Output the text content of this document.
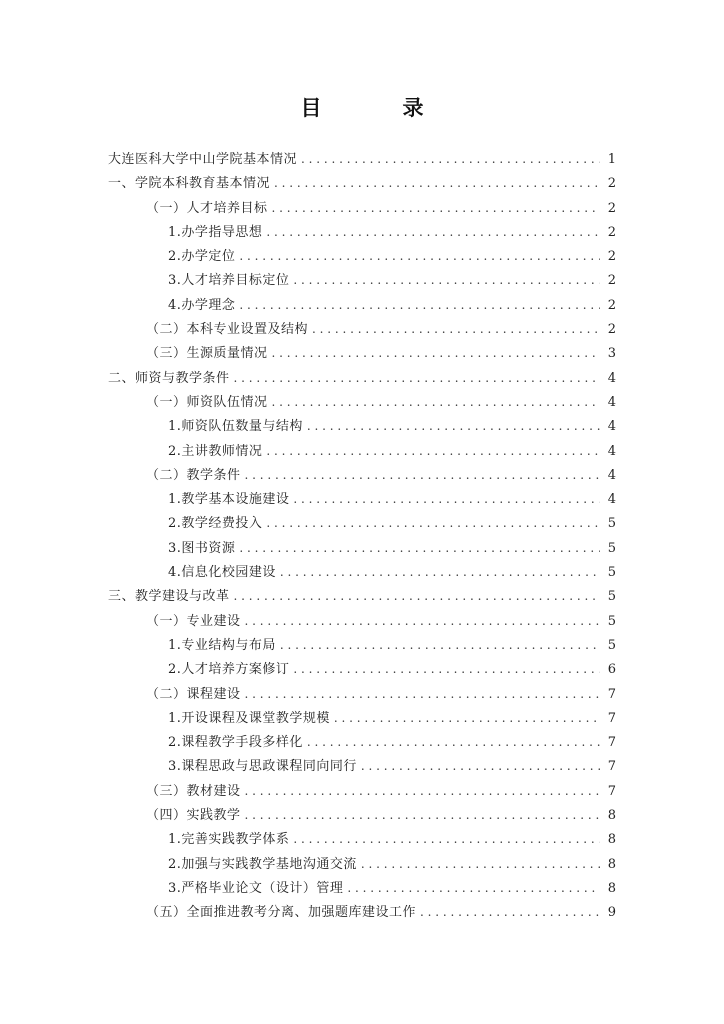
目　录
大连医科大学中山学院基本情况 . . .	1
一、学院本科教育基本情况 . . .	2
（一）人才培养目标 . . .	2
1.办学指导思想 . . .	2
2.办学定位 . . .	2
3.人才培养目标定位 . . .	2
4.办学理念 . . .	2
（二）本科专业设置及结构 . . .	2
（三）生源质量情况 . . .	3
二、师资与教学条件 . . .	4
（一）师资队伍情况 . . .	4
1.师资队伍数量与结构 . . .	4
2.主讲教师情况 . . .	4
（二）教学条件 . . .	4
1.教学基本设施建设 . . .	4
2.教学经费投入 . . .	5
3.图书资源 . . .	5
4.信息化校园建设 . . .	5
三、教学建设与改革 . . .	5
（一）专业建设 . . .	5
1.专业结构与布局 . . .	5
2.人才培养方案修订 . . .	6
（二）课程建设 . . .	7
1.开设课程及课堂教学规模 . . .	7
2.课程教学手段多样化 . . .	7
3.课程思政与思政课程同向同行 . . .	7
（三）教材建设 . . .	7
（四）实践教学 . . .	8
1.完善实践教学体系 . . .	8
2.加强与实践教学基地沟通交流 . . .	8
3.严格毕业论文（设计）管理 . . .	8
（五）全面推进教考分离、加强题库建设工作 . . .	9
